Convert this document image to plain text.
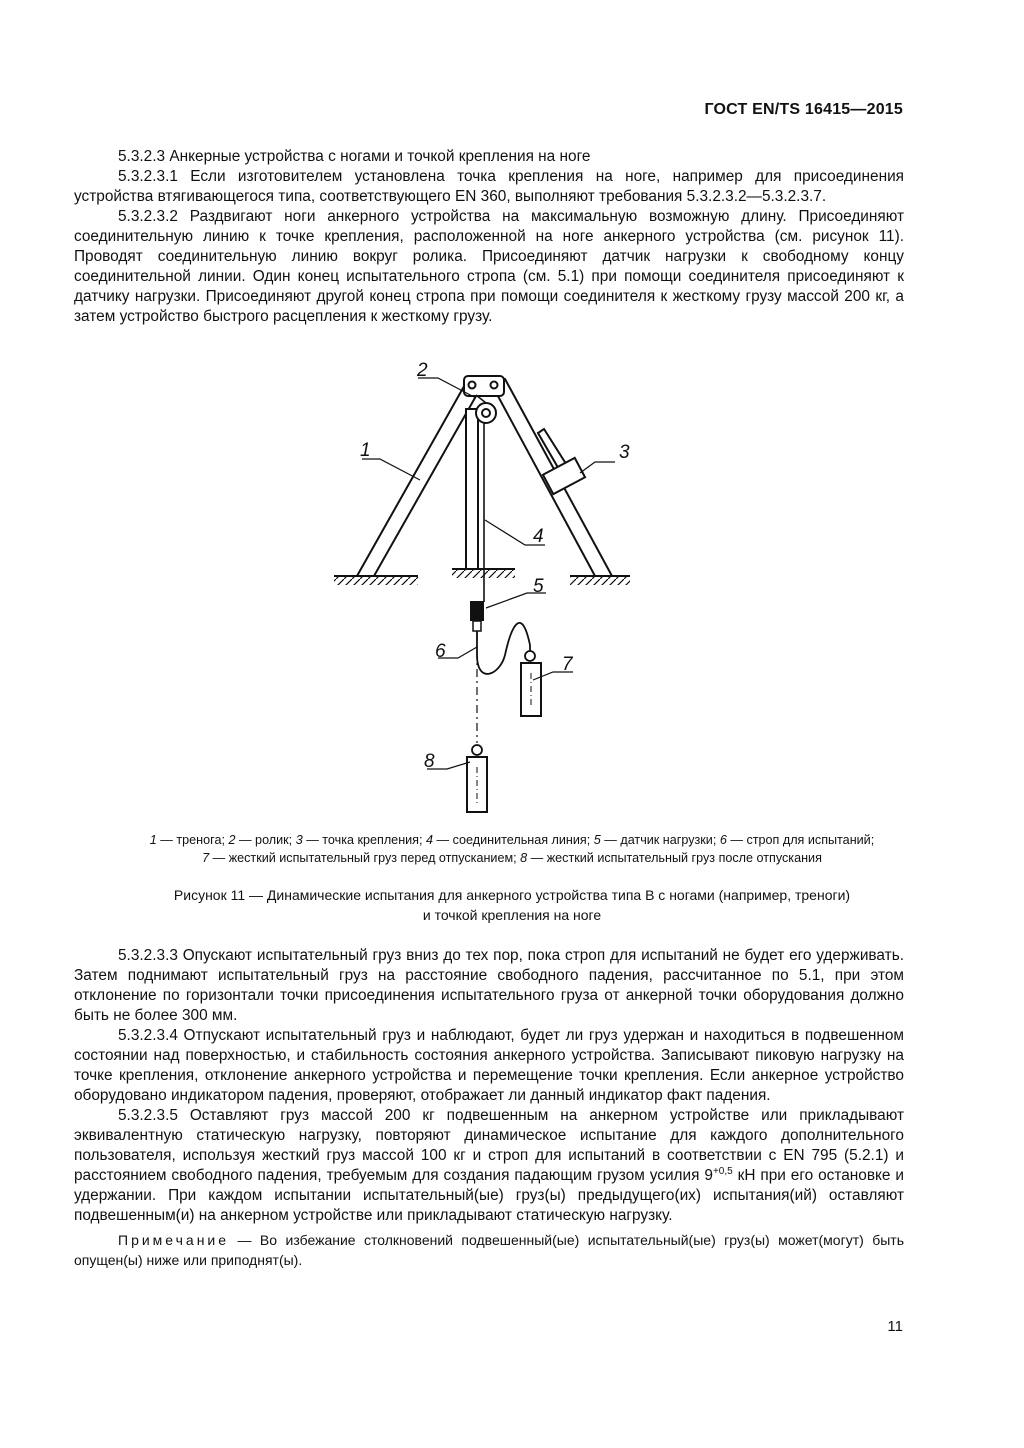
ГОСТ EN/TS 16415—2015

5.3.2.3 Анкерные устройства с ногами и точкой крепления на ноге

5.3.2.3.1 Если изготовителем установлена точка крепления на ноге, например для присоединения устройства втягивающегося типа, соответствующего EN 360, выполняют требования 5.3.2.3.2—5.3.2.3.7.

5.3.2.3.2 Раздвигают ноги анкерного устройства на максимальную возможную длину. Присоединяют соединительную линию к точке крепления, расположенной на ноге анкерного устройства (см. рисунок 11). Проводят соединительную линию вокруг ролика. Присоединяют датчик нагрузки к свободному концу соединительной линии. Один конец испытательного стропа (см. 5.1) при помощи соединителя присоединяют к датчику нагрузки. Присоединяют другой конец стропа при помощи соединителя к жесткому грузу массой 200 кг, а затем устройство быстрого расцепления к жесткому грузу.

1
2
3
4
5
6
7
8
1 — тренога; 2 — ролик; 3 — точка крепления; 4 — соединительная линия; 5 — датчик нагрузки; 6 — строп для испытаний;
7 — жесткий испытательный груз перед отпусканием; 8 — жесткий испытательный груз после отпускания
Рисунок 11 — Динамические испытания для анкерного устройства типа В с ногами (например, треноги)
и точкой крепления на ноге

5.3.2.3.3 Опускают испытательный груз вниз до тех пор, пока строп для испытаний не будет его удерживать. Затем поднимают испытательный груз на расстояние свободного падения, рассчитанное по 5.1, при этом отклонение по горизонтали точки присоединения испытательного груза от анкерной точки оборудования должно быть не более 300 мм.

5.3.2.3.4 Отпускают испытательный груз и наблюдают, будет ли груз удержан и находиться в подвешенном состоянии над поверхностью, и стабильность состояния анкерного устройства. Записывают пиковую нагрузку на точке крепления, отклонение анкерного устройства и перемещение точки крепления. Если анкерное устройство оборудовано индикатором падения, проверяют, отображает ли данный индикатор факт падения.

5.3.2.3.5 Оставляют груз массой 200 кг подвешенным на анкерном устройстве или прикладывают эквивалентную статическую нагрузку, повторяют динамическое испытание для каждого дополнительного пользователя, используя жесткий груз массой 100 кг и строп для испытаний в соответствии с EN 795 (5.2.1) и расстоянием свободного падения, требуемым для создания падающим грузом усилия $9^{+0,5}$ кН при его остановке и удержании. При каждом испытании испытательный(ые) груз(ы) предыдущего(их) испытания(ий) оставляют подвешенным(и) на анкерном устройстве или прикладывают статическую нагрузку.

Примечание — Во избежание столкновений подвешенный(ые) испытательный(ые) груз(ы) может(могут) быть опущен(ы) ниже или приподнят(ы).

11
